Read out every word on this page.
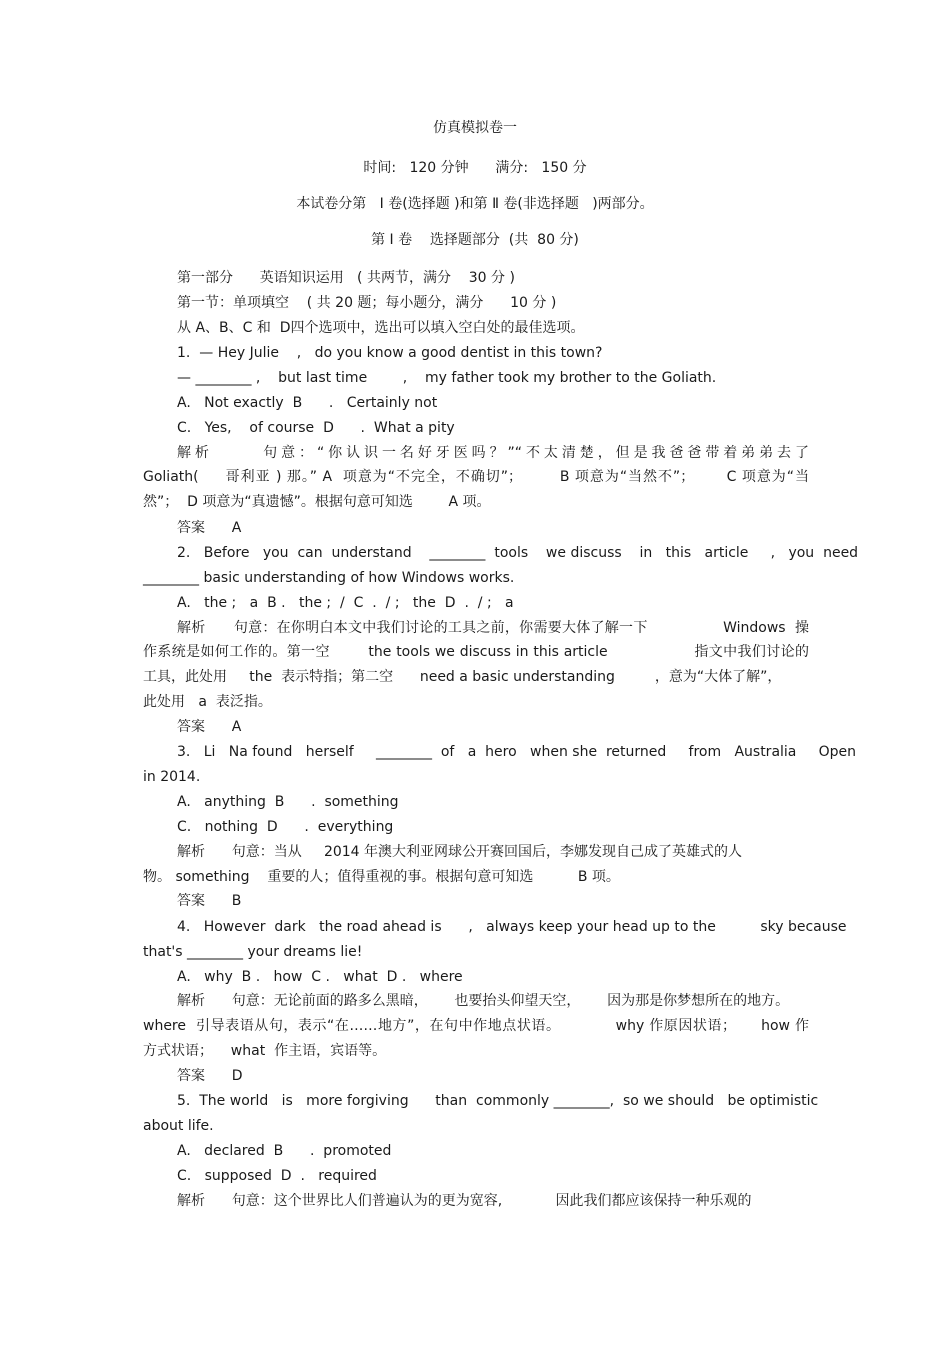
仿真模拟卷一
时间:   120 分钟      满分:   150 分
本试卷分第   Ⅰ 卷(选择题 )和第 Ⅱ 卷(非选择题   )两部分。
第 Ⅰ 卷    选择题部分  (共  80 分)
第一部分      英语知识运用   ( 共两节，满分    30 分 )
第一节：单项填空    ( 共 20 题；每小题分，满分      10 分 )
从 A、B、C 和  D四个选项中，选出可以填入空白处的最佳选项。
1.  — Hey Julie    ,   do you know a good dentist in this town?
— ________ ,    but last time        ,    my father took my brother to the Goliath.
A.   Not exactly  B      .   Certainly not
C.   Yes,    of course  D      .  What a pity
解析      句意：“你认识一名好牙医吗？”“不太清楚，但是我爸爸带着弟弟去了
Goliath(     哥利亚 ) 那。” A  项意为“不完全，不确切”；       B 项意为“当然不”；      C 项意为“当
然”；  D 项意为“真遗憾”。根据句意可知选        A 项。
答案      A
2.   Before   you  can  understand    ________  tools    we discuss    in   this   article     ,   you  need
________ basic understanding of how Windows works.
A.   the ;   a  B .   the ;  /  C  .  / ;   the  D  .  / ;   a
解析      句意：在你明白本文中我们讨论的工具之前，你需要大体了解一下                Windows  操
作系统是如何工作的。第一空        the tools we discuss in this article                  指文中我们讨论的
工具，此处用     the  表示特指；第二空      need a basic understanding         ，意为“大体了解”，
此处用   a  表泛指。
答案      A
3.   Li   Na found   herself     ________  of   a  hero   when she  returned     from   Australia     Open
in 2014.
A.   anything  B      .  something
C.   nothing  D      .  everything
解析      句意：当从     2014 年澳大利亚网球公开赛回国后，李娜发现自己成了英雄式的人
物。 something    重要的人；值得重视的事。根据句意可知选          B 项。
答案      B
4.   However  dark   the road ahead is      ,   always keep your head up to the          sky because
that's ________ your dreams lie!
A.   why  B .   how  C .   what  D .   where
解析      句意：无论前面的路多么黑暗，      也要抬头仰望天空，      因为那是你梦想所在的地方。
where  引导表语从句，表示“在……地方”，在句中作地点状语。           why 作原因状语；     how 作
方式状语；    what  作主语，宾语等。
答案      D
5.  The world   is   more forgiving      than  commonly ________,  so we should   be optimistic
about life.
A.   declared  B      .  promoted
C.   supposed  D  .   required
解析      句意：这个世界比人们普遍认为的更为宽容,            因此我们都应该保持一种乐观的
